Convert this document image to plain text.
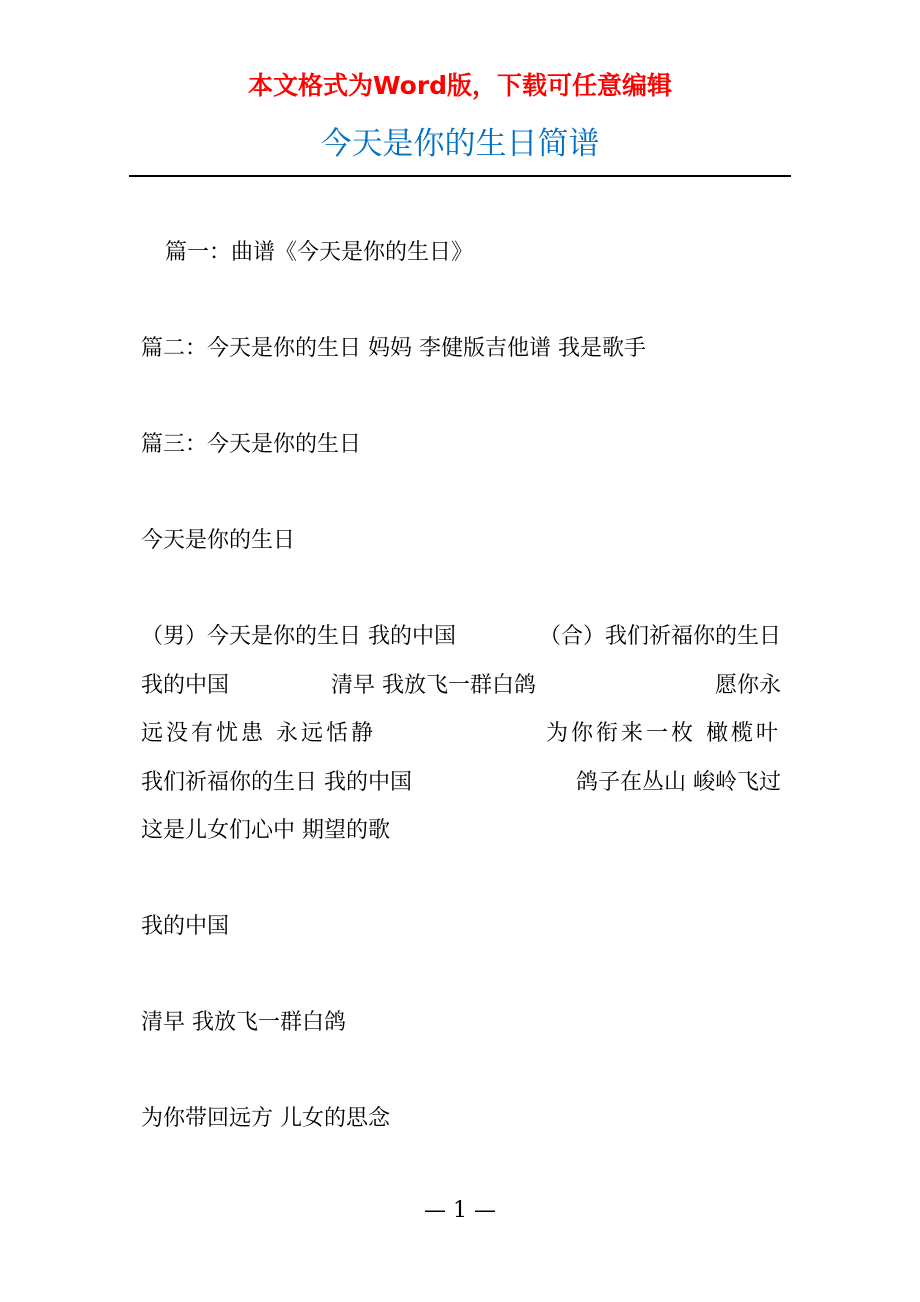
本文格式为Word版，下载可任意编辑
今天是你的生日简谱
篇一：曲谱《今天是你的生日》
篇二：今天是你的生日 妈妈 李健版吉他谱 我是歌手
篇三：今天是你的生日
今天是你的生日
（男）今天是你的生日 我的中国	（合）我们祈福你的生日
我的中国	清早 我放飞一群白鸽	愿你永
远没有忧患 永远恬静	为你衔来一枚 橄榄叶
我们祈福你的生日 我的中国	鸽子在丛山 峻岭飞过
这是儿女们心中 期望的歌
我的中国
清早 我放飞一群白鸽
为你带回远方 儿女的思念
— 1 —
